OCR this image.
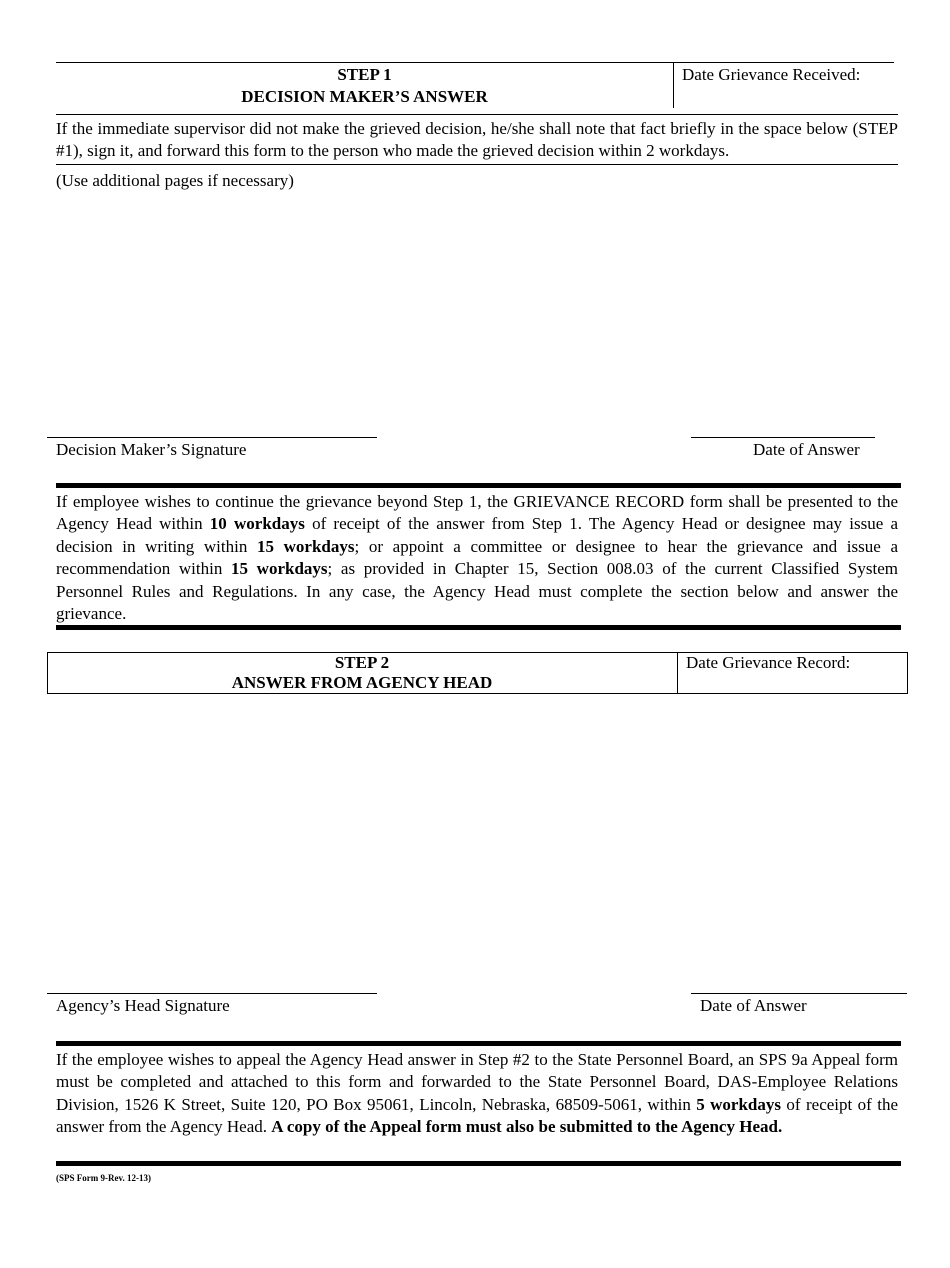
STEP 1
DECISION MAKER’S ANSWER
Date Grievance Received:
If the immediate supervisor did not make the grieved decision, he/she shall note that fact briefly in the space below (STEP #1), sign it, and forward this form to the person who made the grieved decision within 2 workdays.
(Use additional pages if necessary)
Decision Maker’s Signature	Date of Answer
If employee wishes to continue the grievance beyond Step 1, the GRIEVANCE RECORD form shall be presented to the Agency Head within 10 workdays of receipt of the answer from Step 1. The Agency Head or designee may issue a decision in writing within 15 workdays; or appoint a committee or designee to hear the grievance and issue a recommendation within 15 workdays; as provided in Chapter 15, Section 008.03 of the current Classified System Personnel Rules and Regulations. In any case, the Agency Head must complete the section below and answer the grievance.
STEP 2
ANSWER FROM AGENCY HEAD
Date Grievance Record:
Agency’s Head Signature	Date of Answer
If the employee wishes to appeal the Agency Head answer in Step #2 to the State Personnel Board, an SPS 9a Appeal form must be completed and attached to this form and forwarded to the State Personnel Board, DAS-Employee Relations Division, 1526 K Street, Suite 120, PO Box 95061, Lincoln, Nebraska, 68509-5061, within 5 workdays of receipt of the answer from the Agency Head. A copy of the Appeal form must also be submitted to the Agency Head.
(SPS Form 9-Rev. 12-13)
